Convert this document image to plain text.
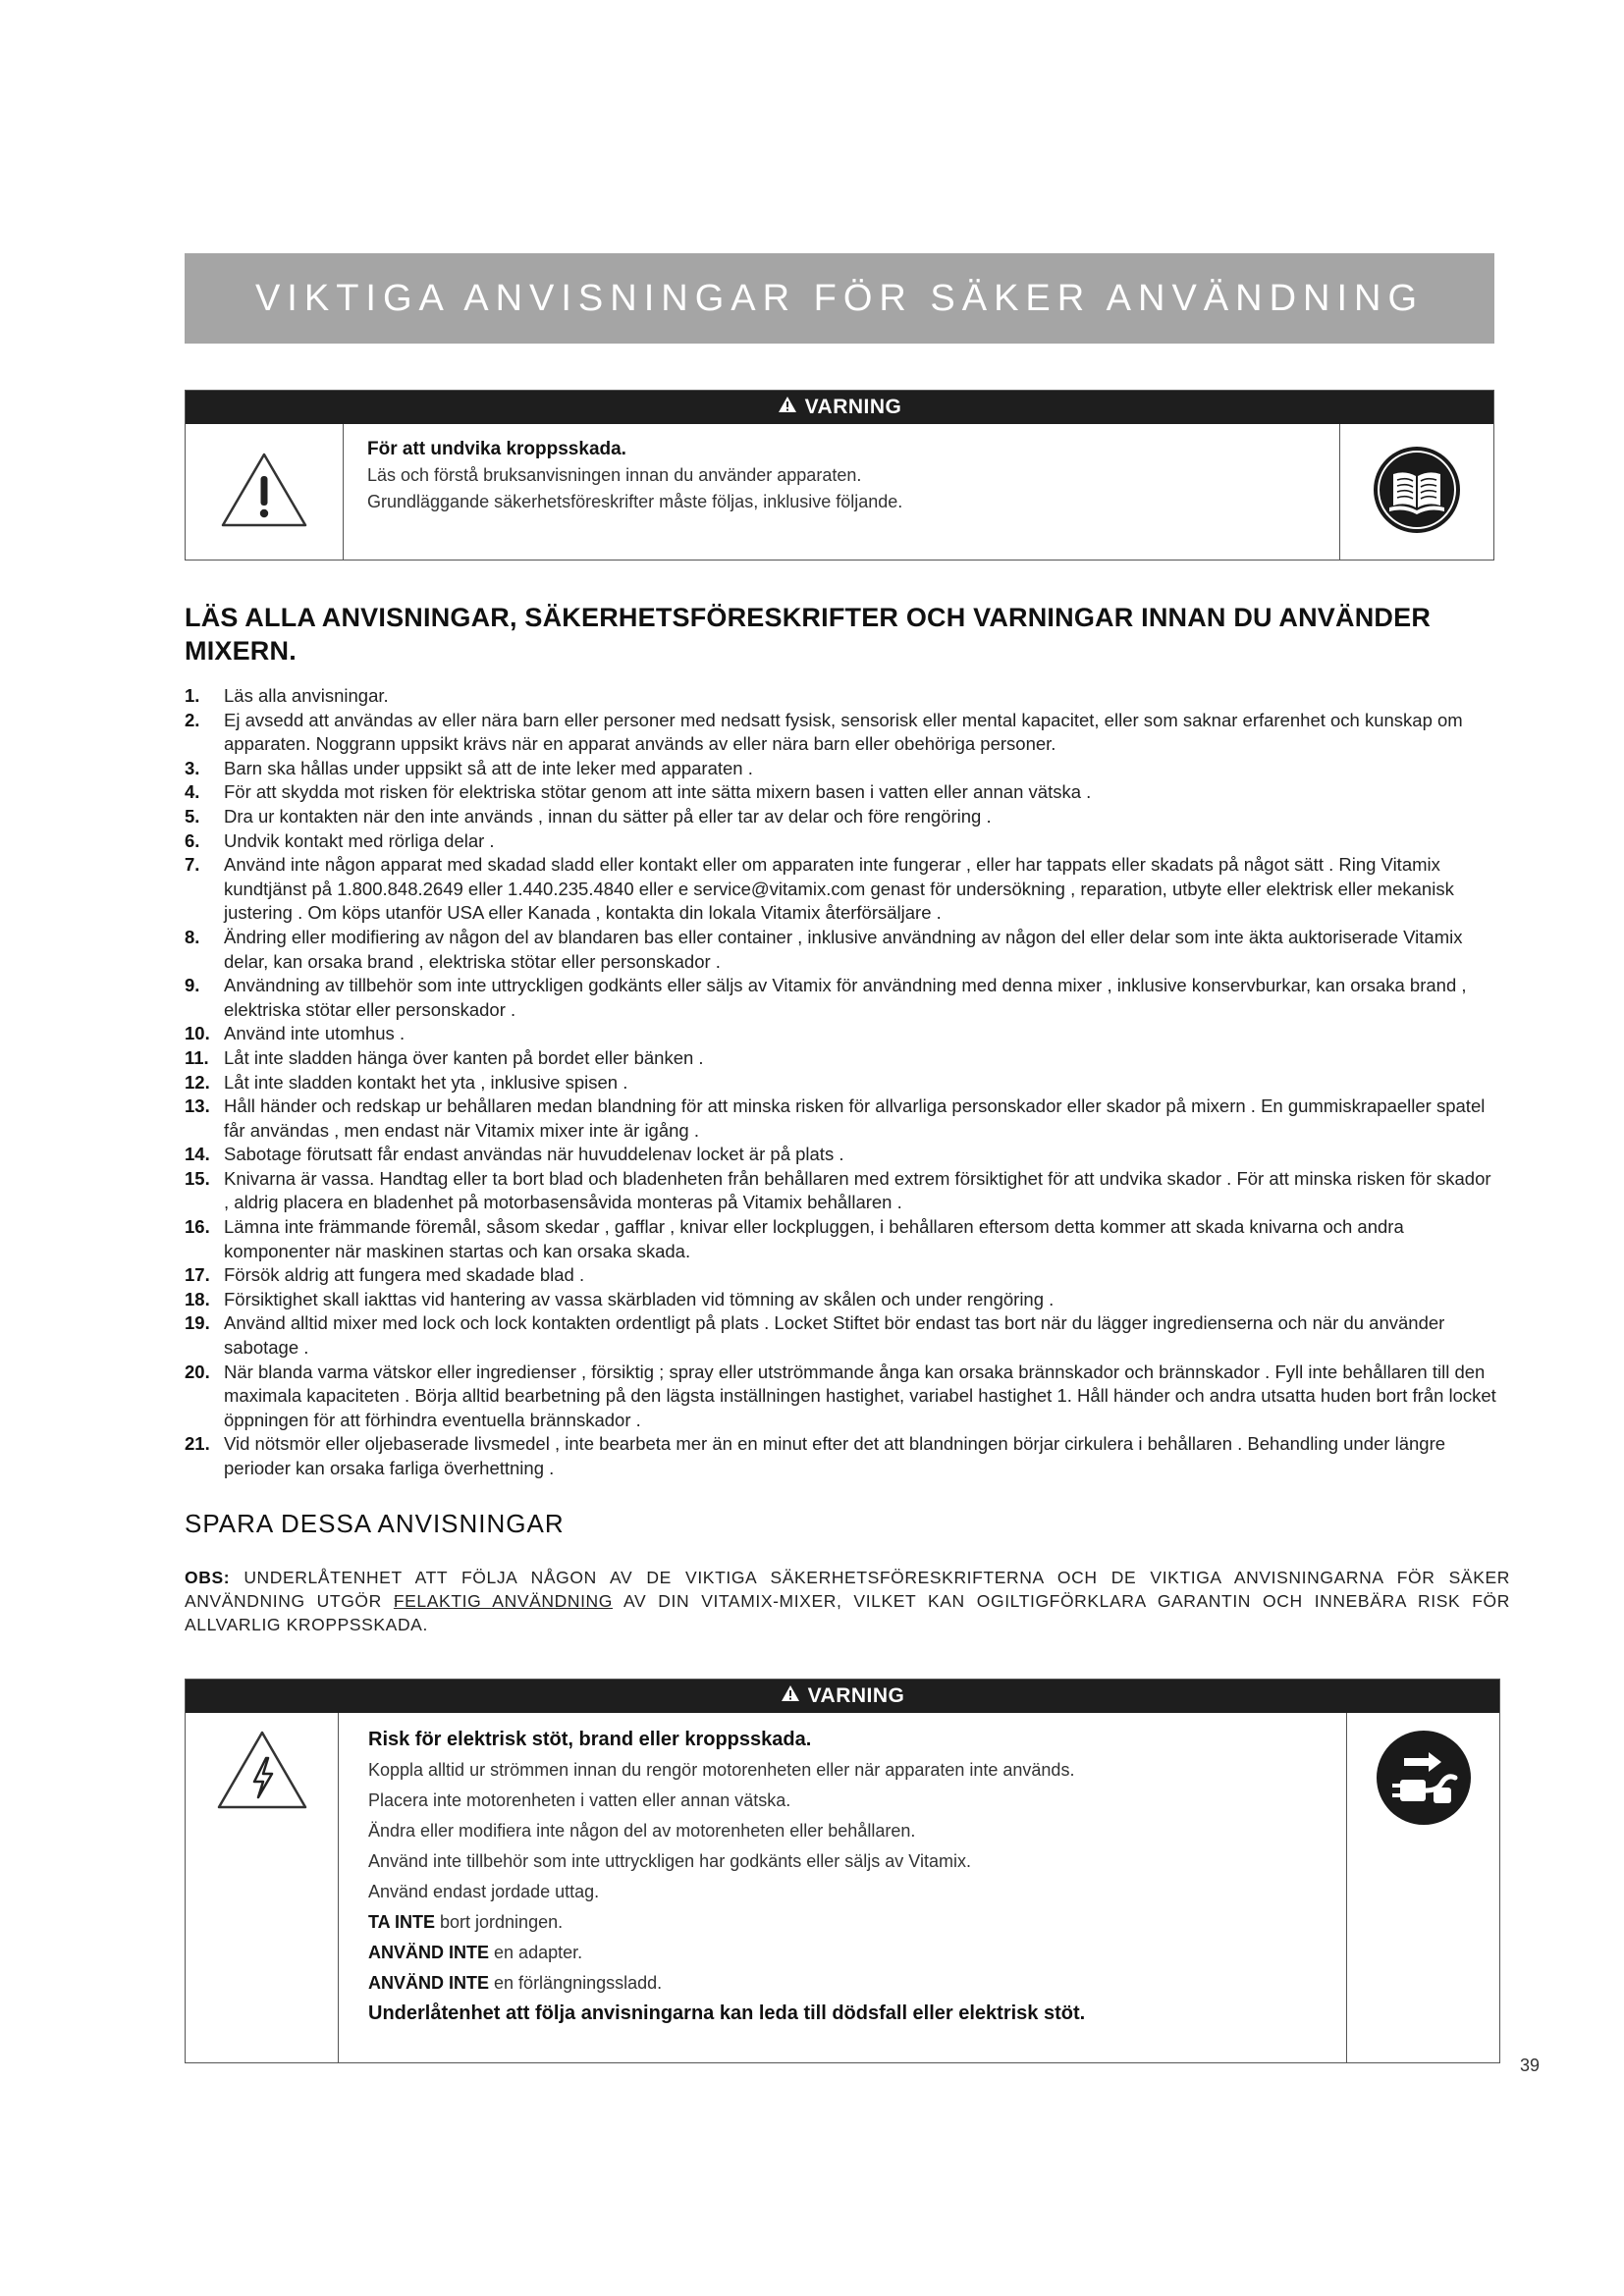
VIKTIGA ANVISNINGAR FÖR SÄKER ANVÄNDNING
VARNING
För att undvika kroppsskada.
Läs och förstå bruksanvisningen innan du använder apparaten.
Grundläggande säkerhetsföreskrifter måste följas, inklusive följande.
LÄS ALLA ANVISNINGAR, SÄKERHETSFÖRESKRIFTER OCH VARNINGAR INNAN DU ANVÄNDER MIXERN.
1.	Läs alla anvisningar.
2.	Ej avsedd att användas av eller nära barn eller personer med nedsatt fysisk, sensorisk eller mental kapacitet, eller som saknar erfarenhet och kunskap om apparaten. Noggrann uppsikt krävs när en apparat används av eller nära barn eller obehöriga personer.
3.	Barn ska hållas under uppsikt så att de inte leker med apparaten .
4.	För att skydda mot risken för elektriska stötar genom att inte sätta mixern basen i vatten eller annan vätska .
5.	Dra ur kontakten när den inte används , innan du sätter på eller tar av delar och före rengöring .
6.	Undvik kontakt med rörliga delar .
7.	Använd inte någon apparat med skadad sladd eller kontakt eller om apparaten inte fungerar , eller har tappats eller skadats på något sätt . Ring Vitamix kundtjänst på 1.800.848.2649 eller 1.440.235.4840 eller e service@vitamix.com genast för undersökning , reparation, utbyte eller elektrisk eller mekanisk justering . Om köps utanför USA eller Kanada , kontakta din lokala Vitamix återförsäljare .
8.	Ändring eller modifiering av någon del av blandaren bas eller container , inklusive användning av någon del eller delar som inte äkta auktoriserade Vitamix delar, kan orsaka brand , elektriska stötar eller personskador .
9.	Användning av tillbehör som inte uttryckligen godkänts eller säljs av Vitamix för användning med denna mixer , inklusive konservburkar, kan orsaka brand , elektriska stötar eller personskador .
10. Använd inte utomhus .
11. Låt inte sladden hänga över kanten på bordet eller bänken .
12. Låt inte sladden kontakt het yta , inklusive spisen .
13. Håll händer och redskap ur behållaren medan blandning för att minska risken för allvarliga personskador eller skador på mixern . En gummiskrapaeller spatel får användas , men endast när Vitamix mixer inte är igång .
14. Sabotage förutsatt får endast användas när huvuddelenav locket är på plats .
15. Knivarna är vassa. Handtag eller ta bort blad och bladenheten från behållaren med extrem försiktighet för att undvika skador . För att minska risken för skador , aldrig placera en bladenhet på motorbasensåvida monteras på Vitamix behållaren .
16. Lämna inte främmande föremål, såsom skedar , gafflar , knivar eller lockpluggen, i behållaren eftersom detta kommer att skada knivarna och andra komponenter när maskinen startas och kan orsaka skada.
17. Försök aldrig att fungera med skadade blad .
18. Försiktighet skall iakttas vid hantering av vassa skärbladen vid tömning av skålen och under rengöring .
19. Använd alltid mixer med lock och lock kontakten ordentligt på plats . Locket Stiftet bör endast tas bort när du lägger ingredienserna och när du använder sabotage .
20. När blanda varma vätskor eller ingredienser , försiktig ; spray eller utströmmande ånga kan orsaka brännskador och brännskador . Fyll inte behållaren till den maximala kapaciteten . Börja alltid bearbetning på den lägsta inställningen hastighet, variabel hastighet 1. Håll händer och andra utsatta huden bort från locket öppningen för att förhindra eventuella brännskador .
21. Vid nötsmör eller oljebaserade livsmedel , inte bearbeta mer än en minut efter det att blandningen börjar cirkulera i behållaren . Behandling under längre perioder kan orsaka farliga överhettning .
SPARA DESSA ANVISNINGAR
OBS: UNDERLÅTENHET ATT FÖLJA NÅGON AV DE VIKTIGA SÄKERHETSFÖRESKRIFTERNA OCH DE VIKTIGA ANVISNINGARNA FÖR SÄKER ANVÄNDNING UTGÖR FELAKTIG ANVÄNDNING AV DIN VITAMIX-MIXER, VILKET KAN OGILTIGFÖRKLARA GARANTIN OCH INNEBÄRA RISK FÖR ALLVARLIG KROPPSSKADA.
VARNING
Risk för elektrisk stöt, brand eller kroppsskada.
Koppla alltid ur strömmen innan du rengör motorenheten eller när apparaten inte används.
Placera inte motorenheten i vatten eller annan vätska.
Ändra eller modifiera inte någon del av motorenheten eller behållaren.
Använd inte tillbehör som inte uttryckligen har godkänts eller säljs av Vitamix.
Använd endast jordade uttag.
TA INTE bort jordningen.
ANVÄND INTE en adapter.
ANVÄND INTE en förlängningssladd.
Underlåtenhet att följa anvisningarna kan leda till dödsfall eller elektrisk stöt.
39
